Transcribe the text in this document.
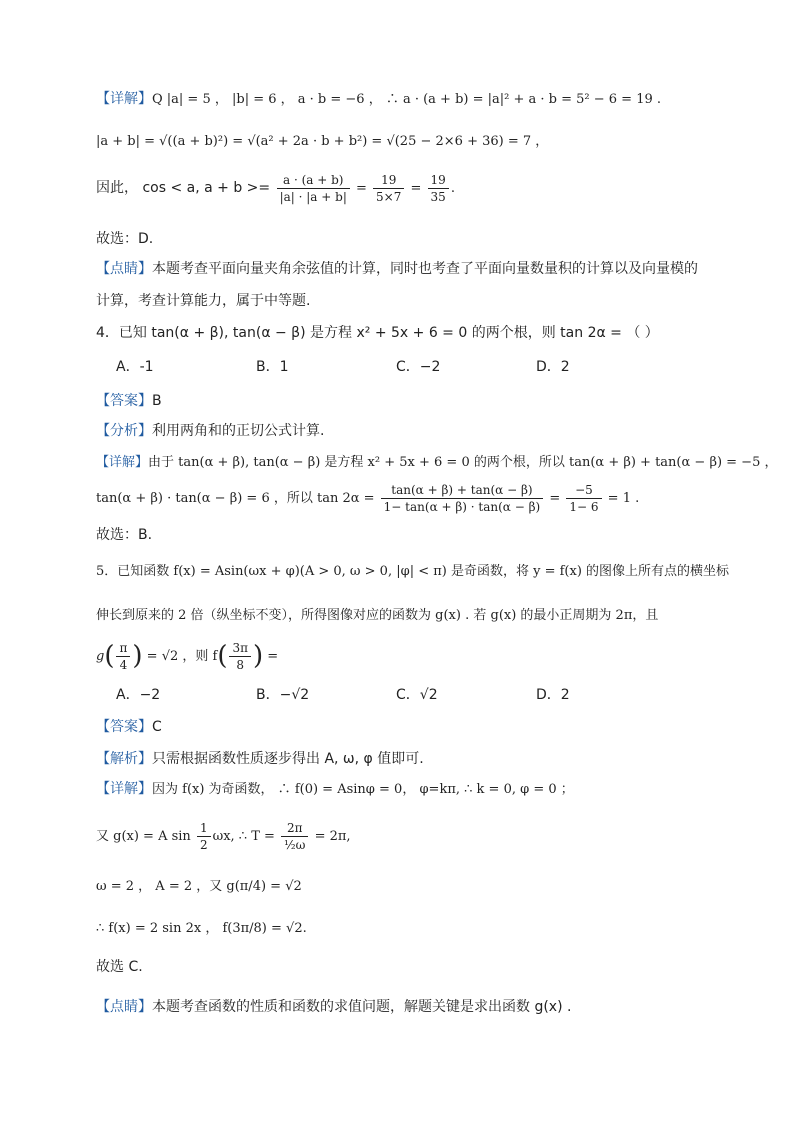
【详解】Q |a| = 5 ， |b| = 6 ， a · b = −6 ， ∴ a · (a + b) = |a|² + a · b = 5² − 6 = 19 .
|a + b| = √((a + b)²) = √(a² + 2a · b + b²) = √(25 − 2×6 + 36) = 7 ，
因此， cos < a, $a + b >= \frac{a \cdot (a + b)}{|a| \cdot |a + b|} = \frac{19}{5\times 7} = \frac{19}{35}$ .
故选：D.
【点睛】本题考查平面向量夹角余弦值的计算，同时也考查了平面向量数量积的计算以及向量模的
计算，考查计算能力，属于中等题.
4．已知 tan(α + β), tan(α − β) 是方程 x² + 5x + 6 = 0 的两个根，则 tan 2α = （ ）
A．-1	B．1	C．−2	D．2
【答案】B
【分析】利用两角和的正切公式计算.
【详解】由于 tan(α + β), tan(α − β) 是方程 x² + 5x + 6 = 0 的两个根，所以 tan(α + β) + tan(α − β) = −5 ，
tan(α + β) · tan(α − β) = 6 ，所以 $\tan 2\alpha = \frac{\tan(\alpha + \beta) + \tan(\alpha - \beta)}{1- \tan(\alpha + \beta) \cdot \tan(\alpha - \beta)} = \frac{-5}{1- 6} = 1$ .
故选：B.
5．已知函数 f(x) = Asin(ωx + φ)(A > 0, ω > 0, |φ| < π) 是奇函数，将 y = f(x) 的图像上所有点的横坐标
伸长到原来的 2 倍（纵坐标不变），所得图像对应的函数为 g(x) . 若 g(x) 的最小正周期为 2π，且
$g( \frac{\pi}{4}$ ) = √2 ，则 $f( \frac{3\pi}{8}$ ) =
A．−2	B．−√2	C．√2	D．2
【答案】C
【解析】只需根据函数性质逐步得出 A, ω, φ 值即可.
【详解】因为 f(x) 为奇函数， ∴ f(0) = Asinφ = 0， φ=kπ, ∴ k = 0, φ = 0 ；
又 g(x) = A $\sin \frac{1}{2} \omega x$, ∴ $T = \frac{2\pi}{\text{½ω}} = 2\pi$,
ω = 2 ， A = 2 ，又 g(π/4) = √2
∴ f(x) = 2 sin 2x ， f(3π/8) = √2.
故选 C.
【点睛】本题考查函数的性质和函数的求值问题，解题关键是求出函数 g(x) .
